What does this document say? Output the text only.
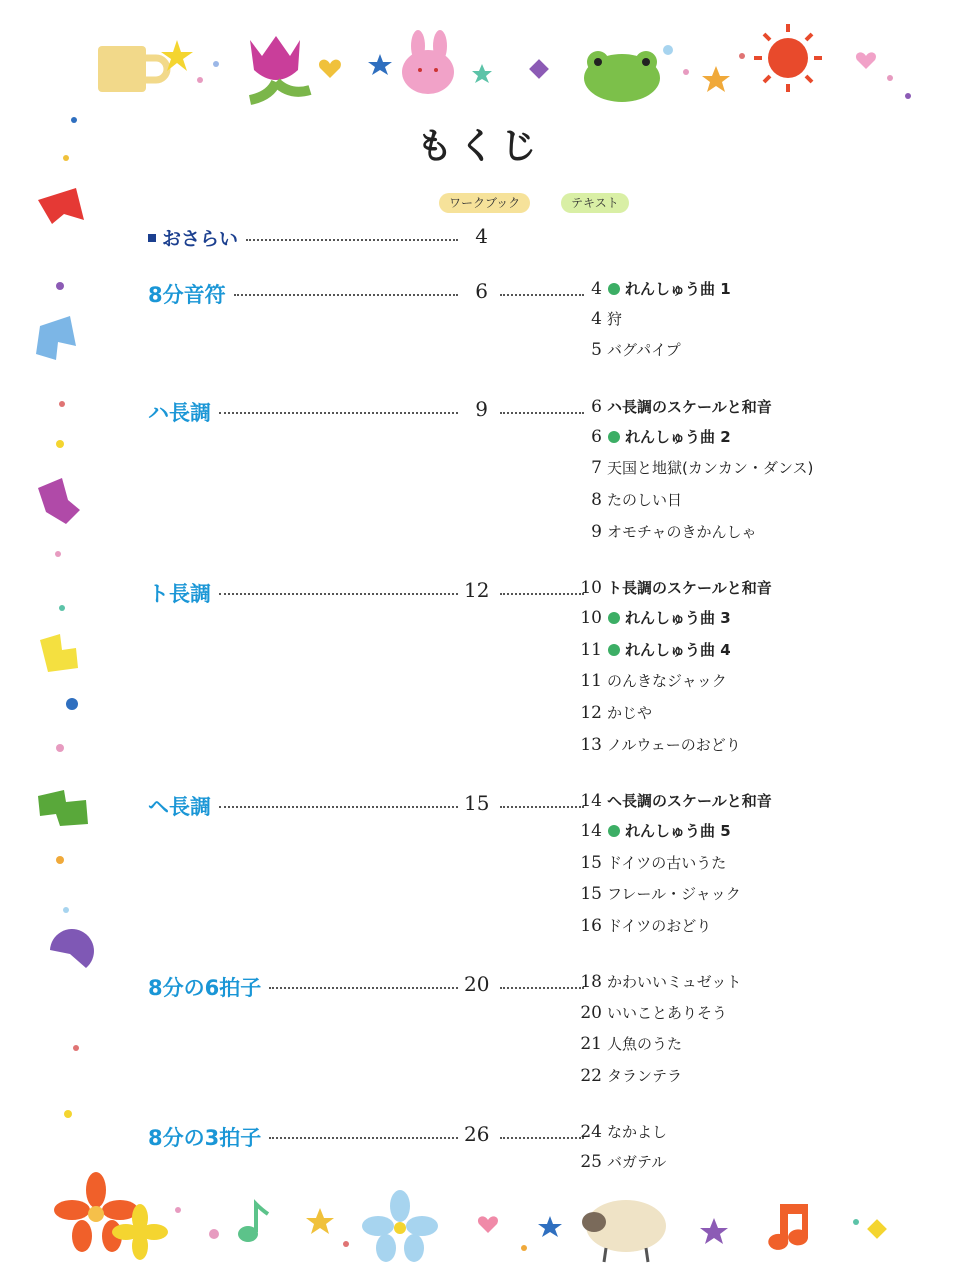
もくじ
ワークブック	テキスト
おさらい	4
8分音符	6	4 れんしゅう曲 1
4 狩
5 バグパイプ
ハ長調	9	6 ハ長調のスケールと和音
6 れんしゅう曲 2
7 天国と地獄(カンカン・ダンス)
8 たのしい日
9 オモチャのきかんしゃ
ト長調	12	10 ト長調のスケールと和音
10 れんしゅう曲 3
11 れんしゅう曲 4
11 のんきなジャック
12 かじや
13 ノルウェーのおどり
ヘ長調	15	14 ヘ長調のスケールと和音
14 れんしゅう曲 5
15 ドイツの古いうた
15 フレール・ジャック
16 ドイツのおどり
8分の6拍子	20	18 かわいいミュゼット
20 いいことありそう
21 人魚のうた
22 タランテラ
8分の3拍子	26	24 なかよし
25 バガテル
